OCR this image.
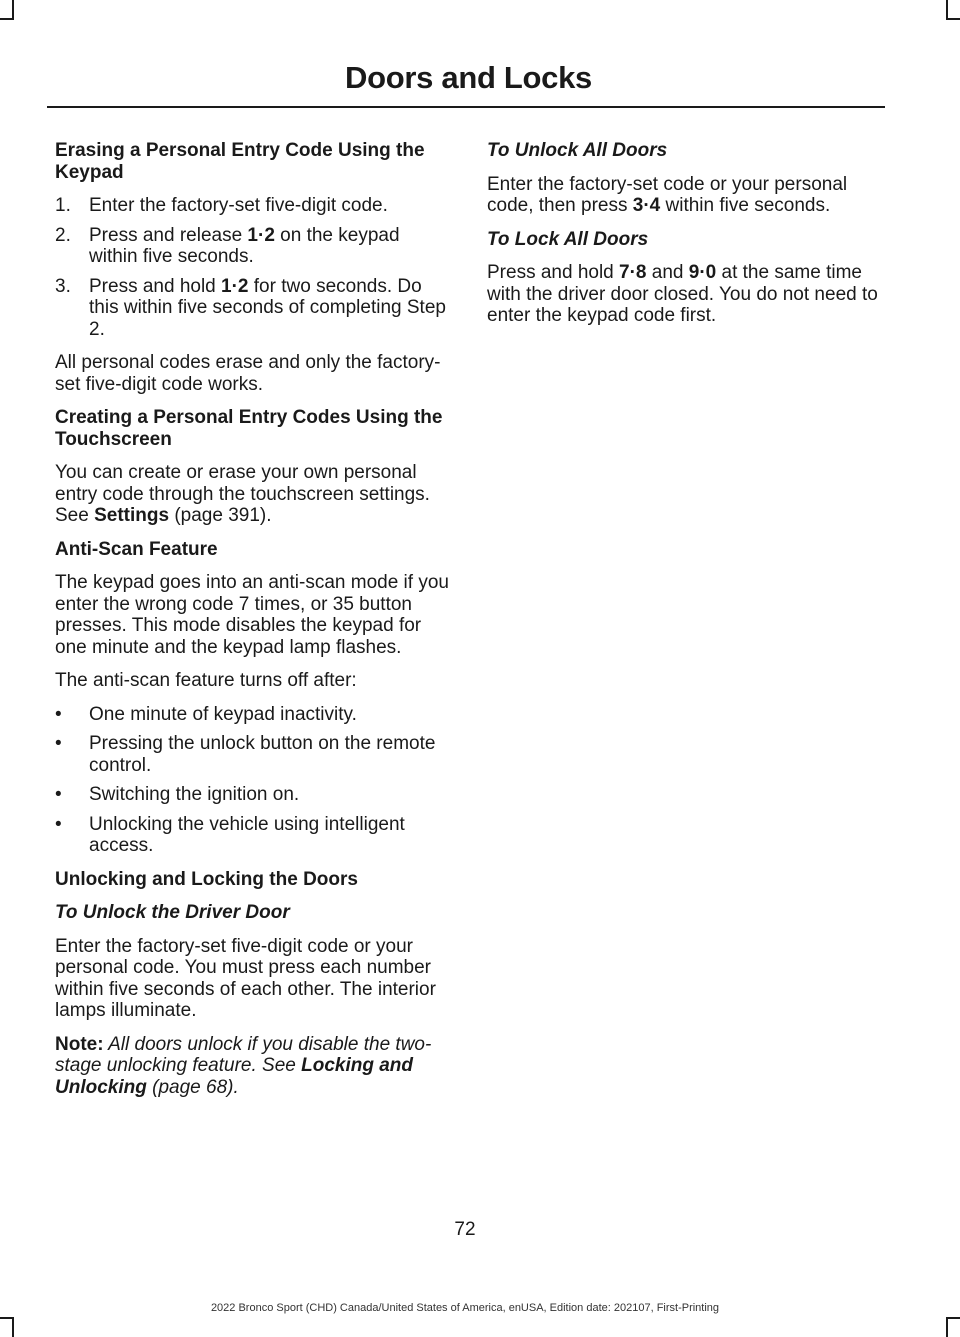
Doors and Locks
Erasing a Personal Entry Code Using the Keypad
1. Enter the factory-set five-digit code.
2. Press and release 1·2 on the keypad within five seconds.
3. Press and hold 1·2 for two seconds. Do this within five seconds of completing Step 2.

All personal codes erase and only the factory-set five-digit code works.

Creating a Personal Entry Codes Using the Touchscreen

You can create or erase your own personal entry code through the touchscreen settings. See Settings (page 391).

Anti-Scan Feature

The keypad goes into an anti-scan mode if you enter the wrong code 7 times, or 35 button presses. This mode disables the keypad for one minute and the keypad lamp flashes.

The anti-scan feature turns off after:

• One minute of keypad inactivity.
• Pressing the unlock button on the remote control.
• Switching the ignition on.
• Unlocking the vehicle using intelligent access.
Unlocking and Locking the Doors
To Unlock the Driver Door

Enter the factory-set five-digit code or your personal code. You must press each number within five seconds of each other. The interior lamps illuminate.

Note: All doors unlock if you disable the two-stage unlocking feature. See Locking and Unlocking (page 68).

To Unlock All Doors

Enter the factory-set code or your personal code, then press 3·4 within five seconds.

To Lock All Doors

Press and hold 7·8 and 9·0 at the same time with the driver door closed. You do not need to enter the keypad code first.

72
2022 Bronco Sport (CHD) Canada/United States of America, enUSA, Edition date: 202107, First-Printing
